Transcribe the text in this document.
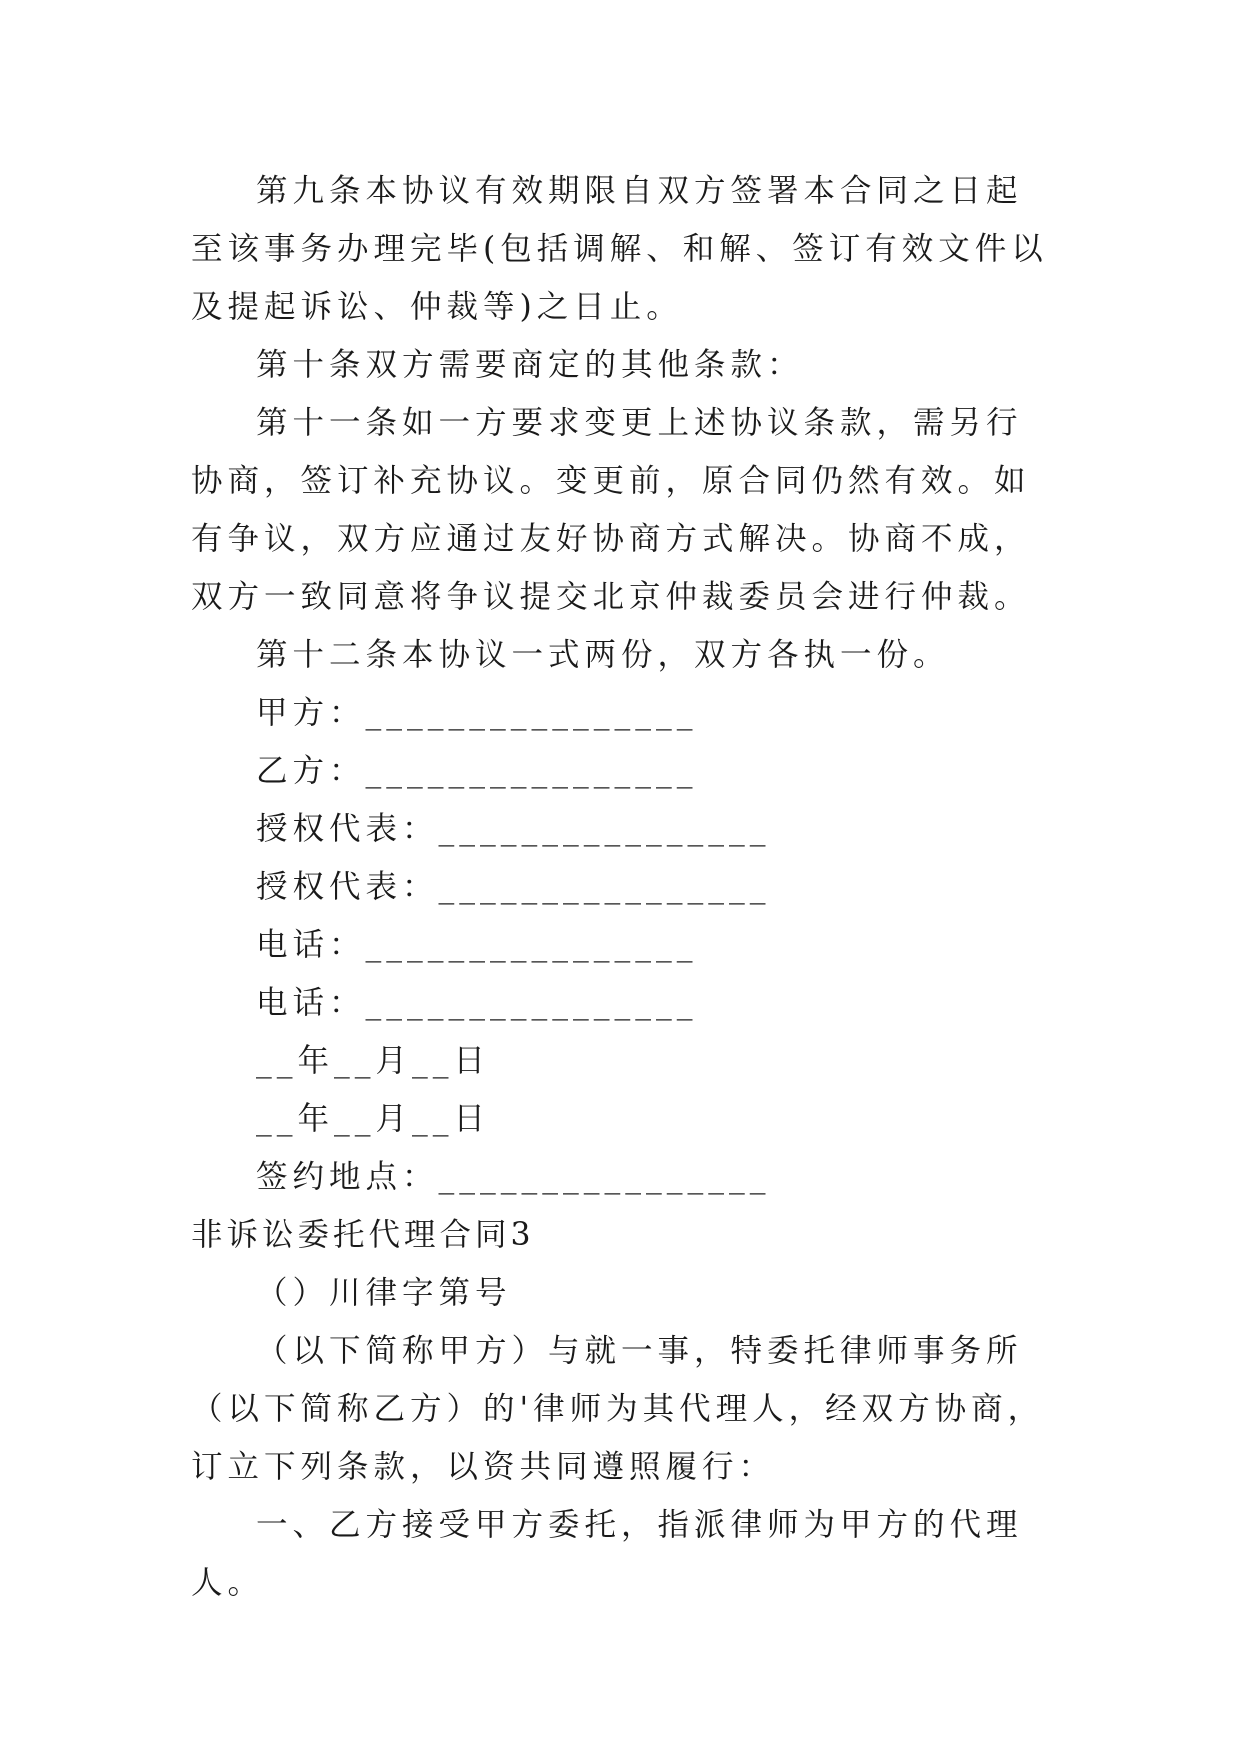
第九条本协议有效期限自双方签署本合同之日起至该事务办理完毕(包括调解、和解、签订有效文件以及提起诉讼、仲裁等)之日止。

第十条双方需要商定的其他条款：

第十一条如一方要求变更上述协议条款，需另行协商，签订补充协议。变更前，原合同仍然有效。如有争议，双方应通过友好协商方式解决。协商不成，双方一致同意将争议提交北京仲裁委员会进行仲裁。

第十二条本协议一式两份，双方各执一份。

甲方：________________

乙方：________________

授权代表：________________

授权代表：________________

电话：________________

电话：________________

__年__月__日

__年__月__日

签约地点：________________

非诉讼委托代理合同3

（）川律字第号

（以下简称甲方）与就一事，特委托律师事务所（以下简称乙方）的'律师为其代理人，经双方协商，订立下列条款，以资共同遵照履行：

一、乙方接受甲方委托，指派律师为甲方的代理人。
